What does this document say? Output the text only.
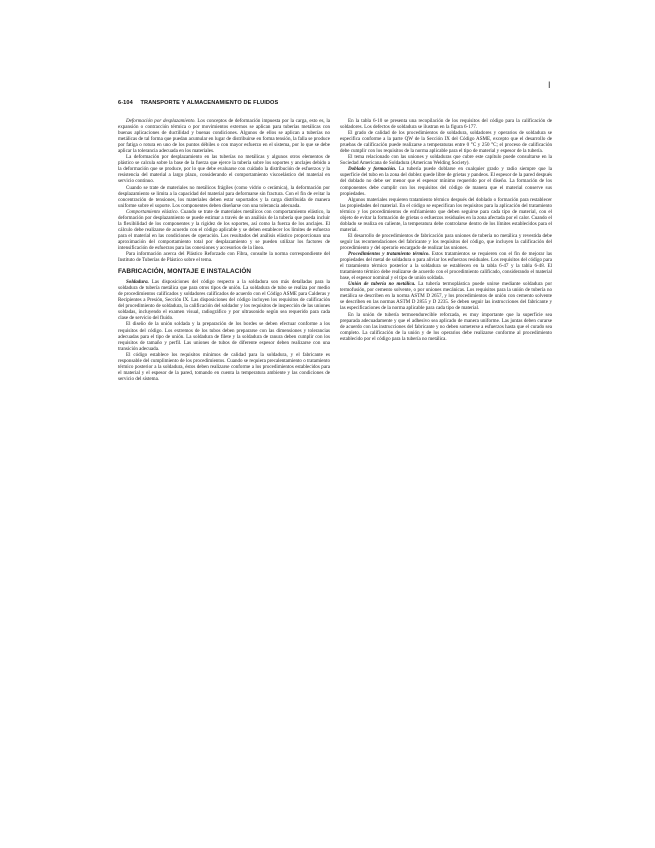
I
6-104 TRANSPORTE Y ALMACENAMIENTO DE FLUIDOS

Deformación por desplazamiento. Los conceptos de deformación impuesta por la carga, esto es, la expansión o contracción térmica o por movimientos externos se aplican para tuberías metálicas con buenas aplicaciones de ductilidad y buenas condiciones. Algunos de ellos se aplican a tuberías no metálicas de tal forma que puedan acumular en lugar de distribuirse en forma tensión, la falla se produce por fatiga o rotura en uno de los puntos débiles o con mayor esfuerzo en el sistema, por lo que se debe aplicar la tolerancia adecuada en los materiales.

La deformación por desplazamiento en las tuberías no metálicas y algunos otros elementos de plástico se calcula sobre la base de la fuerza que ejerce la tubería sobre los soportes y anclajes debido a la deformación que se produce, por lo que debe evaluarse con cuidado la distribución de esfuerzos y la resistencia del material a largo plazo, considerando el comportamiento viscoelástico del material en servicio continuo.

Cuando se trate de materiales no metálicos frágiles (como vidrio o cerámica), la deformación por desplazamiento se limita a la capacidad del material para deformarse sin fractura. Con el fin de evitar la concentración de tensiones, los materiales deben estar soportados y la carga distribuida de manera uniforme sobre el soporte. Los componentes deben diseñarse con una tolerancia adecuada.

Comportamiento elástico. Cuando se trate de materiales metálicos con comportamiento elástico, la deformación por desplazamiento se puede estimar a través de un análisis de la tubería que pueda incluir la flexibilidad de los componentes y la rigidez de los soportes, así como la fuerza de los anclajes. El cálculo debe realizarse de acuerdo con el código aplicable y se deben establecer los límites de esfuerzo para el material en las condiciones de operación. Los resultados del análisis elástico proporcionan una aproximación del comportamiento total por desplazamiento y se pueden utilizar los factores de intensificación de esfuerzos para las conexiones y accesorios de la línea.

Para información acerca del Plástico Reforzado con Fibra, consulte la norma correspondiente del Instituto de Tuberías de Plástico sobre el tema.

FABRICACIÓN, MONTAJE E INSTALACIÓN

Soldadura. Las disposiciones del código respecto a la soldadura son más detalladas para la soldadura de tubería metálica que para otros tipos de unión. La soldadura de tubo se realiza por medio de procedimientos calificados y soldadores calificados de acuerdo con el Código ASME para Calderas y Recipientes a Presión, Sección IX. Las disposiciones del código incluyen los requisitos de calificación del procedimiento de soldadura, la calificación del soldador y los requisitos de inspección de las uniones soldadas, incluyendo el examen visual, radiográfico y por ultrasonido según sea requerido para cada clase de servicio del fluido.

El diseño de la unión soldada y la preparación de los bordes se deben efectuar conforme a los requisitos del código. Los extremos de los tubos deben prepararse con las dimensiones y tolerancias adecuadas para el tipo de unión. La soldadura de filete y la soldadura de ranura deben cumplir con los requisitos de tamaño y perfil. Las uniones de tubos de diferente espesor deben realizarse con una transición adecuada.

El código establece los requisitos mínimos de calidad para la soldadura, y el fabricante es responsable del cumplimiento de los procedimientos. Cuando se requiera precalentamiento o tratamiento térmico posterior a la soldadura, éstos deben realizarse conforme a los procedimientos establecidos para el material y el espesor de la pared, tomando en cuenta la temperatura ambiente y las condiciones de servicio del sistema.

En la tabla 6-10 se presenta una recopilación de los requisitos del código para la calificación de soldadores. Los defectos de soldadura se ilustran en la figura 6-177.

El grado de calidad de los procedimientos de soldadura, soldadores y operarios de soldadura se especifica conforme a la parte QW de la Sección IX del Código ASME, excepto que el desarrollo de pruebas de calificación puede realizarse a temperaturas entre 0 °C y 250 °C; el proceso de calificación debe cumplir con los requisitos de la norma aplicable para el tipo de material y espesor de la tubería.

El tema relacionado con las uniones y soldaduras que cubre este capítulo puede consultarse en la Sociedad Americana de Soldadura (American Welding Society).

Doblado y formación. La tubería puede doblarse en cualquier grado y radio siempre que la superficie del tubo en la zona del doblez quede libre de grietas y pandeos. El espesor de la pared después del doblado no debe ser menor que el espesor mínimo requerido por el diseño. La formación de los componentes debe cumplir con los requisitos del código de manera que el material conserve sus propiedades.

Algunos materiales requieren tratamiento térmico después del doblado o formación para restablecer las propiedades del material. En el código se especifican los requisitos para la aplicación del tratamiento térmico y los procedimientos de enfriamiento que deben seguirse para cada tipo de material, con el objeto de evitar la formación de grietas o esfuerzos residuales en la zona afectada por el calor. Cuando el doblado se realiza en caliente, la temperatura debe controlarse dentro de los límites establecidos para el material.

El desarrollo de procedimientos de fabricación para uniones de tubería no metálica y revestida debe seguir las recomendaciones del fabricante y los requisitos del código, que incluyen la calificación del procedimiento y del operario encargado de realizar las uniones.

Procedimientos y tratamiento térmico. Estos tratamientos se requieren con el fin de mejorar las propiedades del metal de soldadura o para aliviar los esfuerzos residuales. Los requisitos del código para el tratamiento térmico posterior a la soldadura se establecen en la tabla 6-47 y la tabla 6-48. El tratamiento térmico debe realizarse de acuerdo con el procedimiento calificado, considerando el material base, el espesor nominal y el tipo de unión soldada.

Unión de tubería no metálica. La tubería termoplástica puede unirse mediante soldadura por termofusión, por cemento solvente, o por uniones mecánicas. Los requisitos para la unión de tubería no metálica se describen en la norma ASTM D 2657, y los procedimientos de unión con cemento solvente se describen en las normas ASTM D 2855 y D 2235. Se deben seguir las instrucciones del fabricante y las especificaciones de la norma aplicable para cada tipo de material.

En la unión de tubería termoendurecible reforzada, es muy importante que la superficie sea preparada adecuadamente y que el adhesivo sea aplicado de manera uniforme. Las juntas deben curarse de acuerdo con las instrucciones del fabricante y no deben someterse a esfuerzos hasta que el curado sea completo. La calificación de la unión y de los operarios debe realizarse conforme al procedimiento establecido por el código para la tubería no metálica.
